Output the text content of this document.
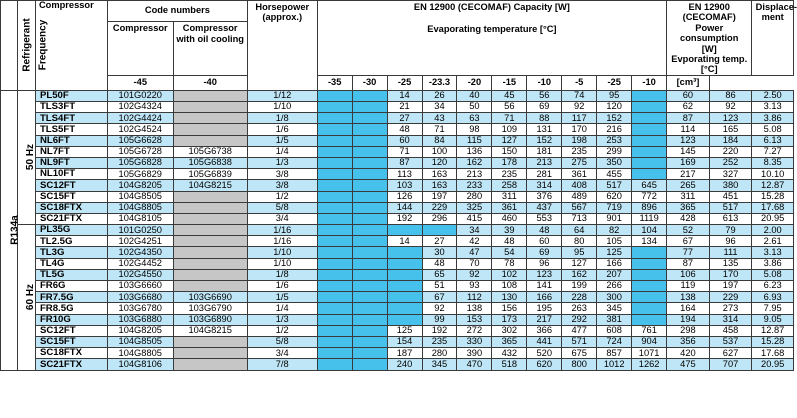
Refrigerant	Frequency	Compressor	Code numbers		Horsepower (approx.)	EN 12900 (CECOMAF) Capacity [W]

Evaporating temperature [°C]										EN 12900 (CECOMAF) Power consumption [W]
Evporating temp. [°C]		Displace-ment
			Compressor	Compressor with oil cooling														
			-45	-40		-35	-30	-25	-23.3	-20	-15	-10	-5	-25	-10	[cm³]		
R134a	50 Hz	PL50F	101G0220		1/12			14	26	40	45	56	74	95		60	86	2.50
		TLS3FT	102G4324		1/10			21	34	50	56	69	92	120		62	92	3.13
		TLS4FT	102G4424		1/8			27	43	63	71	88	117	152		87	123	3.86
		TLS5FT	102G4524		1/6			48	71	98	109	131	170	216		114	165	5.08
		NL6FT	105G6628		1/5			60	84	115	127	152	198	253		123	184	6.13
		NL7FT	105G6728	105G6738	1/4			71	100	136	150	181	235	299		145	220	7.27
		NL9FT	105G6828	105G6838	1/3			87	120	162	178	213	275	350		169	252	8.35
		NL10FT	105G6829	105G6839	3/8			113	163	213	235	281	361	455		217	327	10.10
		SC12FT	104G8205	104G8215	3/8			103	163	233	258	314	408	517	645	265	380	12.87
		SC15FT	104G8505		1/2			126	197	280	311	376	489	620	772	311	451	15.28
		SC18FTX	104G8805		5/8			144	229	325	361	437	567	719	896	365	517	17.68
		SC21FTX	104G8105		3/4			192	296	415	460	553	713	901	1119	428	613	20.95
	60 Hz	PL35G	101G0250		1/16					34	39	48	64	82	104	52	79	2.00
		TL2.5G	102G4251		1/16			14	27	42	48	60	80	105	134	67	96	2.61
		TL3G	102G4350		1/10				30	47	54	69	95	125		77	111	3.13
		TL4G	102G4452		1/10				48	70	78	96	127	166		87	135	3.86
		TL5G	102G4550		1/8				65	92	102	123	162	207		106	170	5.08
		FR6G	103G6660		1/6				51	93	108	141	199	266		119	197	6.23
		FR7.5G	103G6680	103G6690	1/5				67	112	130	166	228	300		138	229	6.93
		FR8.5G	103G6780	103G6790	1/4				92	138	156	195	263	345		164	273	7.95
		FR10G	103G6880	103G6890	1/3				99	153	173	217	292	381		194	314	9.05
		SC12FT	104G8205	104G8215	1/2			125	192	272	302	366	477	608	761	298	458	12.87
		SC15FT	104G8505		5/8			154	235	330	365	441	571	724	904	356	537	15.28
		SC18FTX	104G8805		3/4			187	280	390	432	520	675	857	1071	420	627	17.68
		SC21FTX	104G8106		7/8			240	345	470	518	620	800	1012	1262	475	707	20.95
